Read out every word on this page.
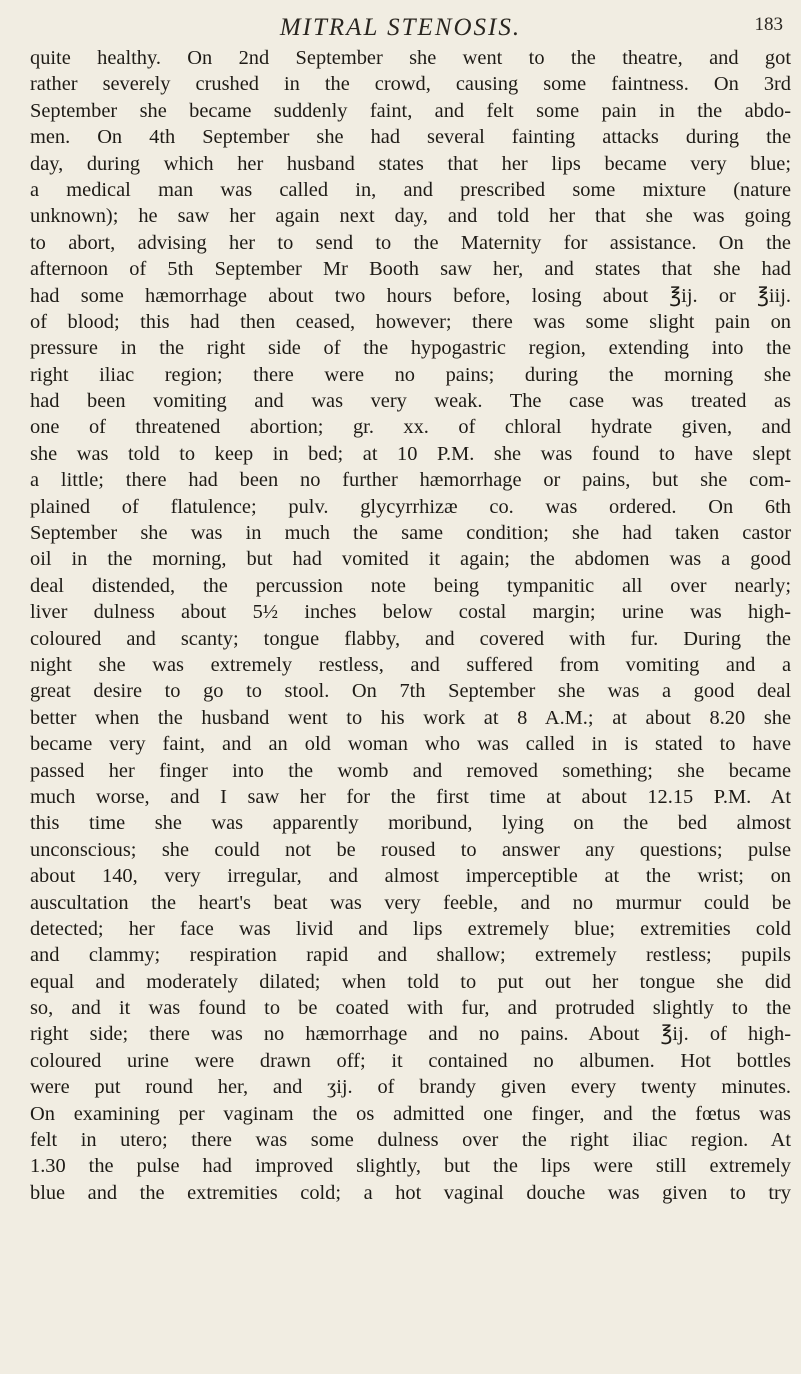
MITRAL STENOSIS.	183
quite healthy. On 2nd September she went to the theatre, and got
rather severely crushed in the crowd, causing some faintness. On 3rd
September she became suddenly faint, and felt some pain in the abdo-
men. On 4th September she had several fainting attacks during the
day, during which her husband states that her lips became very blue;
a medical man was called in, and prescribed some mixture (nature
unknown); he saw her again next day, and told her that she was going
to abort, advising her to send to the Maternity for assistance. On the
afternoon of 5th September Mr Booth saw her, and states that she had
had some hæmorrhage about two hours before, losing about ℥ij. or ℥iij.
of blood; this had then ceased, however; there was some slight pain on
pressure in the right side of the hypogastric region, extending into the
right iliac region; there were no pains; during the morning she
had been vomiting and was very weak. The case was treated as
one of threatened abortion; gr. xx. of chloral hydrate given, and
she was told to keep in bed; at 10 P.M. she was found to have slept
a little; there had been no further hæmorrhage or pains, but she com-
plained of flatulence; pulv. glycyrrhizæ co. was ordered. On 6th
September she was in much the same condition; she had taken castor
oil in the morning, but had vomited it again; the abdomen was a good
deal distended, the percussion note being tympanitic all over nearly;
liver dulness about 5½ inches below costal margin; urine was high-
coloured and scanty; tongue flabby, and covered with fur. During the
night she was extremely restless, and suffered from vomiting and a
great desire to go to stool. On 7th September she was a good deal
better when the husband went to his work at 8 A.M.; at about 8.20 she
became very faint, and an old woman who was called in is stated to have
passed her finger into the womb and removed something; she became
much worse, and I saw her for the first time at about 12.15 P.M. At
this time she was apparently moribund, lying on the bed almost
unconscious; she could not be roused to answer any questions; pulse
about 140, very irregular, and almost imperceptible at the wrist; on
auscultation the heart's beat was very feeble, and no murmur could be
detected; her face was livid and lips extremely blue; extremities cold
and clammy; respiration rapid and shallow; extremely restless; pupils
equal and moderately dilated; when told to put out her tongue she did
so, and it was found to be coated with fur, and protruded slightly to the
right side; there was no hæmorrhage and no pains. About ℥ij. of high-
coloured urine were drawn off; it contained no albumen. Hot bottles
were put round her, and ʒij. of brandy given every twenty minutes.
On examining per vaginam the os admitted one finger, and the fœtus was
felt in utero; there was some dulness over the right iliac region. At
1.30 the pulse had improved slightly, but the lips were still extremely
blue and the extremities cold; a hot vaginal douche was given to try
